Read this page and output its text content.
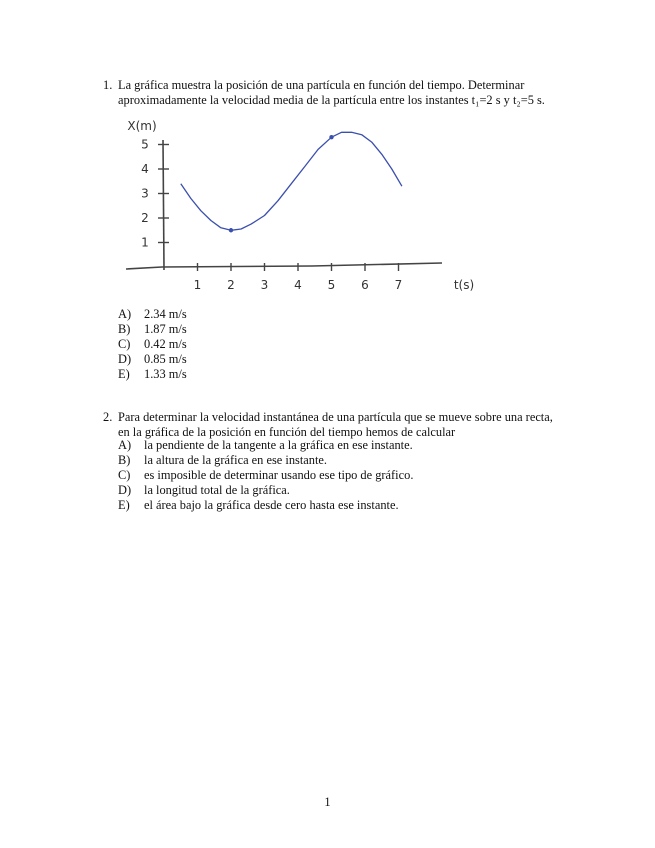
1. La gráfica muestra la posición de una partícula en función del tiempo. Determinar
aproximadamente la velocidad media de la partícula entre los instantes t₁=2 s y t₂=5 s.
1 2 3 4 5 6 7
1
2
3
4
5
X(m)
t(s)
A)	2.34 m/s
B)	1.87 m/s
C)	0.42 m/s
D)	0.85 m/s
E)	1.33 m/s
2. Para determinar la velocidad instantánea de una partícula que se mueve sobre una recta,
en la gráfica de la posición en función del tiempo hemos de calcular
A)	la pendiente de la tangente a la gráfica en ese instante.
B)	la altura de la gráfica en ese instante.
C)	es imposible de determinar usando ese tipo de gráfico.
D)	la longitud total de la gráfica.
E)	el área bajo la gráfica desde cero hasta ese instante.
1
